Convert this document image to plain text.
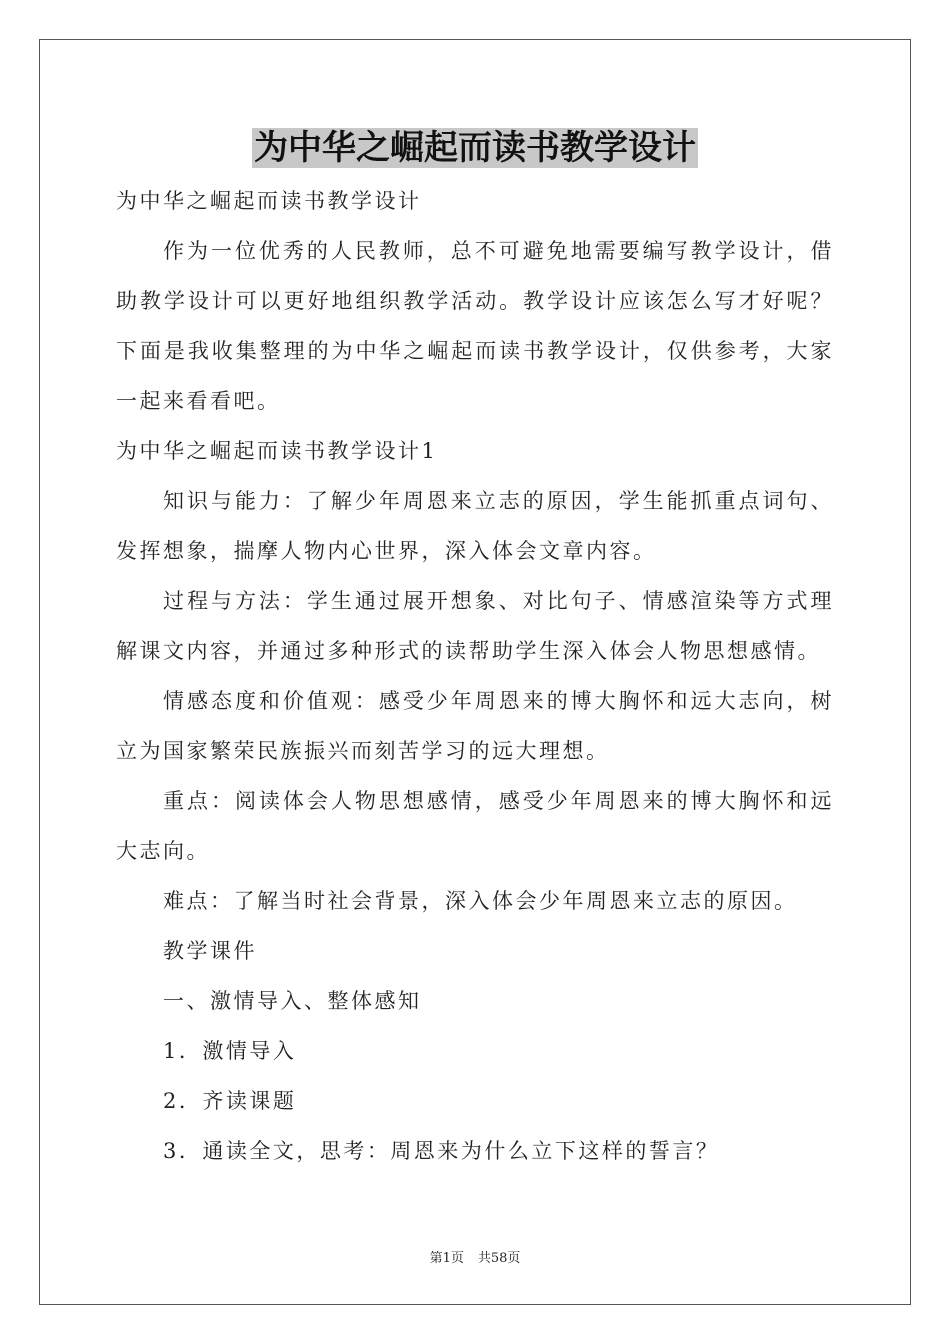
为中华之崛起而读书教学设计

为中华之崛起而读书教学设计

作为一位优秀的人民教师，总不可避免地需要编写教学设计，借助教学设计可以更好地组织教学活动。教学设计应该怎么写才好呢？下面是我收集整理的为中华之崛起而读书教学设计，仅供参考，大家一起来看看吧。

为中华之崛起而读书教学设计1

知识与能力：了解少年周恩来立志的原因，学生能抓重点词句、发挥想象，揣摩人物内心世界，深入体会文章内容。

过程与方法：学生通过展开想象、对比句子、情感渲染等方式理解课文内容，并通过多种形式的读帮助学生深入体会人物思想感情。

情感态度和价值观：感受少年周恩来的博大胸怀和远大志向，树立为国家繁荣民族振兴而刻苦学习的远大理想。

重点：阅读体会人物思想感情，感受少年周恩来的博大胸怀和远大志向。

难点：了解当时社会背景，深入体会少年周恩来立志的原因。

教学课件

一、激情导入、整体感知

1．激情导入

2．齐读课题

3．通读全文，思考：周恩来为什么立下这样的誓言？

第1页 共58页
